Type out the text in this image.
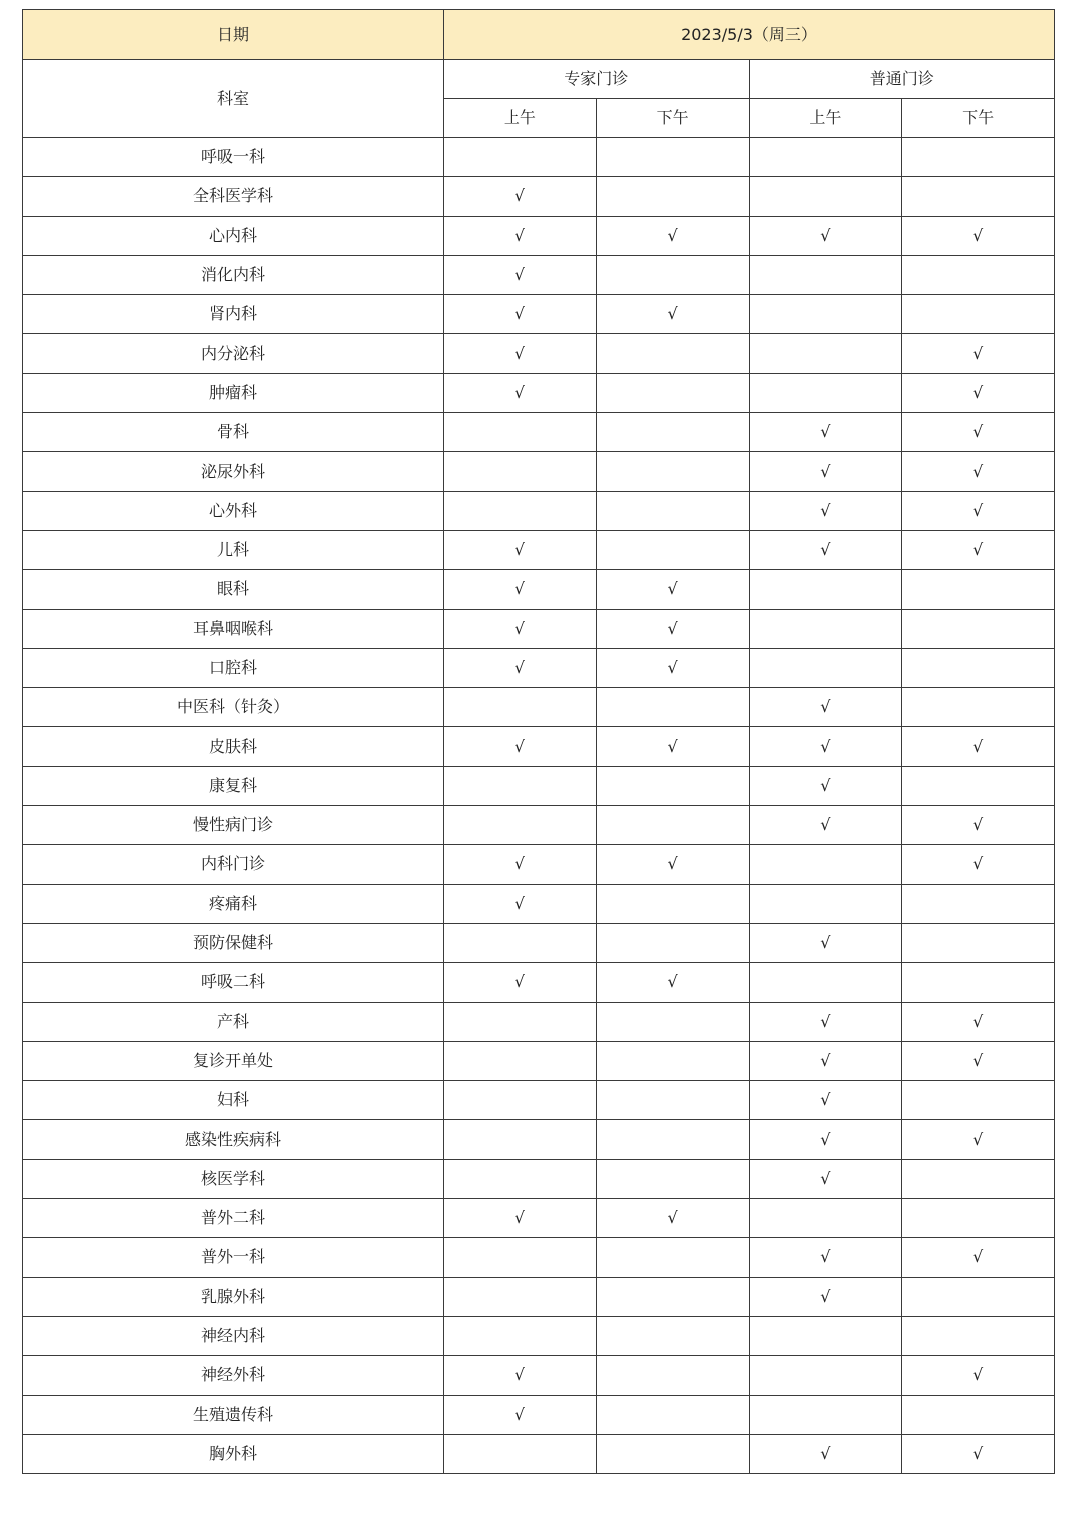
日期	2023/5/3（周三）			
科室	专家门诊		普通门诊	
	上午	下午	上午	下午
呼吸一科				
全科医学科	√			
心内科	√	√	√	√
消化内科	√			
肾内科	√	√		
内分泌科	√			√
肿瘤科	√			√
骨科			√	√
泌尿外科			√	√
心外科			√	√
儿科	√		√	√
眼科	√	√		
耳鼻咽喉科	√	√		
口腔科	√	√		
中医科（针灸）			√	
皮肤科	√	√	√	√
康复科			√	
慢性病门诊			√	√
内科门诊	√	√		√
疼痛科	√			
预防保健科			√	
呼吸二科	√	√		
产科			√	√
复诊开单处			√	√
妇科			√	
感染性疾病科			√	√
核医学科			√	
普外二科	√	√		
普外一科			√	√
乳腺外科			√	
神经内科				
神经外科	√			√
生殖遗传科	√			
胸外科			√	√
